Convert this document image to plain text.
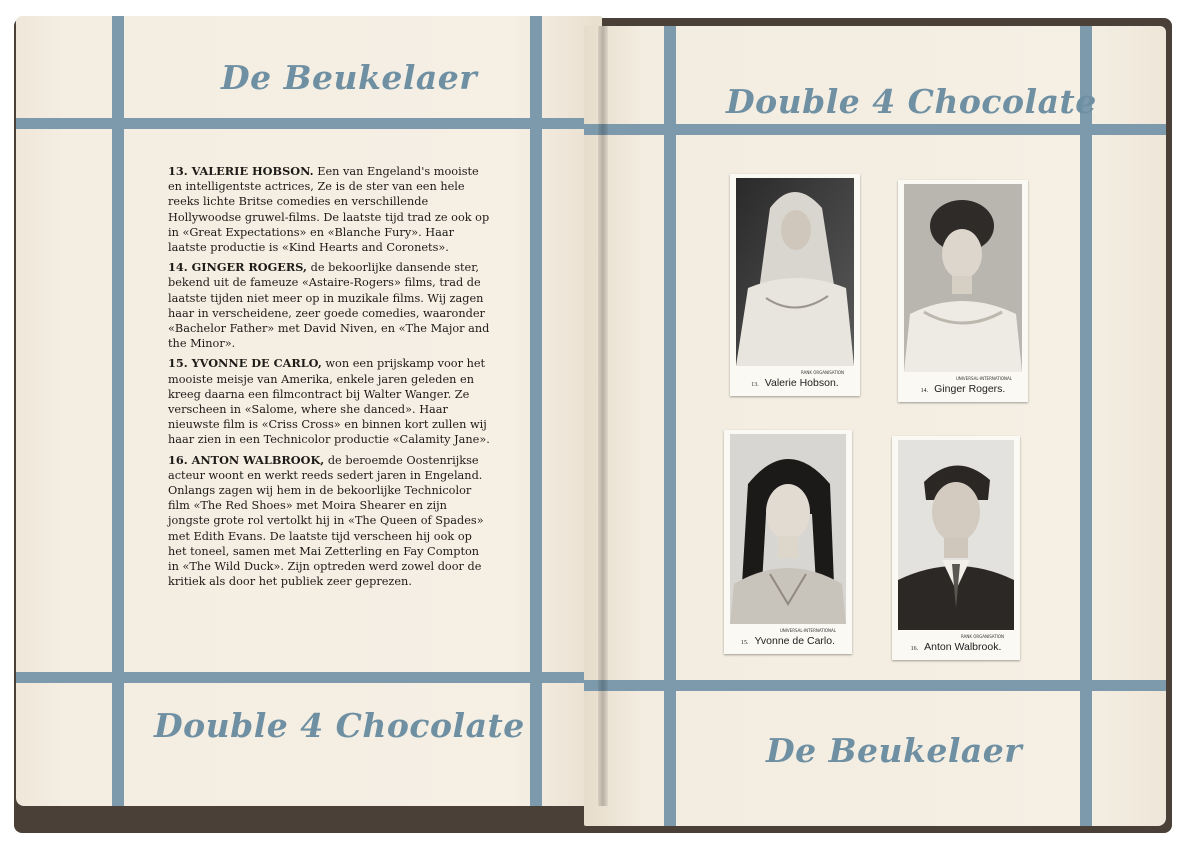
De Beukelaer
Double 4 Chocolate
13. VALERIE HOBSON. Een van Engeland's mooiste en intelligentste actrices, Ze is de ster van een hele reeks lichte Britse comedies en verschillende Hollywoodse gruwel-films. De laatste tijd trad ze ook op in «Great Expectations» en «Blanche Fury». Haar laatste productie is «Kind Hearts and Coronets».
14. GINGER ROGERS, de bekoorlijke dansende ster, bekend uit de fameuze «Astaire-Rogers» films, trad de laatste tijden niet meer op in muzikale films. Wij zagen haar in verscheidene, zeer goede comedies, waaronder «Bachelor Father» met David Niven, en «The Major and the Minor».
15. YVONNE DE CARLO, won een prijskamp voor het mooiste meisje van Amerika, enkele jaren geleden en kreeg daarna een filmcontract bij Walter Wanger. Ze verscheen in «Salome, where she danced». Haar nieuwste film is «Criss Cross» en binnen kort zullen wij haar zien in een Technicolor productie «Calamity Jane».
16. ANTON WALBROOK, de beroemde Oostenrijkse acteur woont en werkt reeds sedert jaren in Engeland. Onlangs zagen wij hem in de bekoorlijke Technicolor film «The Red Shoes» met Moira Shearer en zijn jongste grote rol vertolkt hij in «The Queen of Spades» met Edith Evans. De laatste tijd verscheen hij ook op het toneel, samen met Mai Zetterling en Fay Compton in «The Wild Duck». Zijn optreden werd zowel door de kritiek als door het publiek zeer geprezen.
Double 4 Chocolate
De Beukelaer
RANK ORGANISATION
13. Valerie Hobson.	UNIVERSAL-INTERNATIONAL
14. Ginger Rogers.
UNIVERSAL-INTERNATIONAL
15. Yvonne de Carlo.	RANK ORGANISATION
16. Anton Walbrook.
